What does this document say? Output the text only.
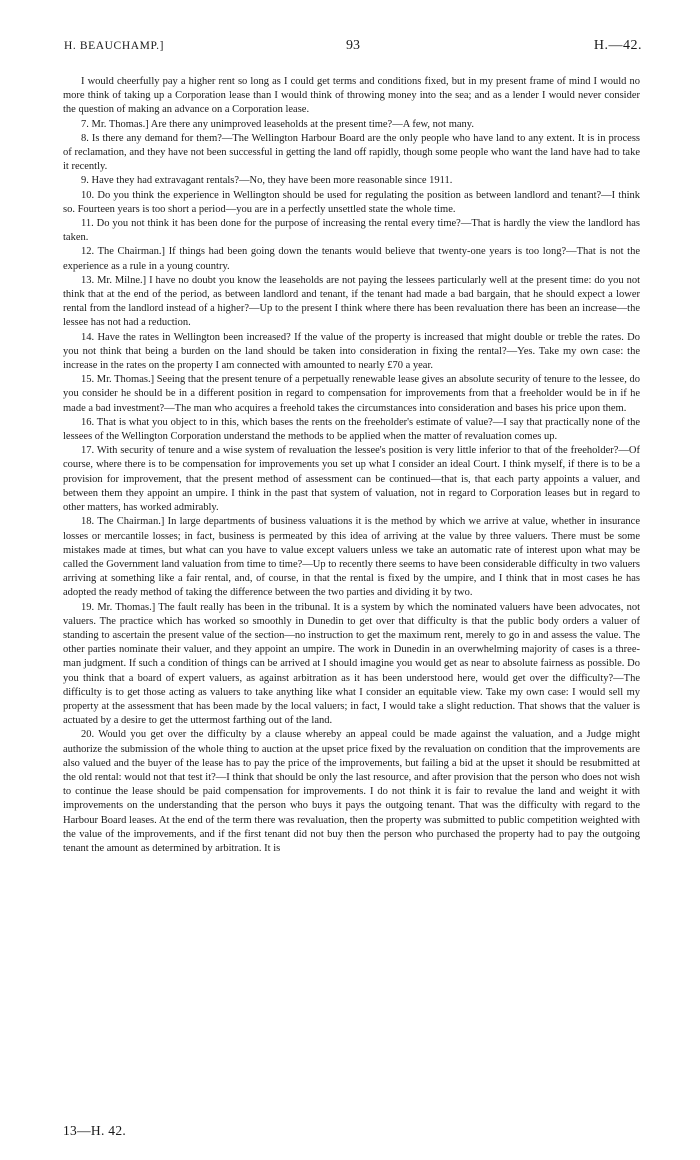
H. BEAUCHAMP.]	93	H.—42.

I would cheerfully pay a higher rent so long as I could get terms and conditions fixed, but in my present frame of mind I would no more think of taking up a Corporation lease than I would think of throwing money into the sea; and as a lender I would never consider the question of making an advance on a Corporation lease.

7. Mr. Thomas.] Are there any unimproved leaseholds at the present time?—A few, not many.

8. Is there any demand for them?—The Wellington Harbour Board are the only people who have land to any extent. It is in process of reclamation, and they have not been successful in getting the land off rapidly, though some people who want the land have had to take it recently.

9. Have they had extravagant rentals?—No, they have been more reasonable since 1911.

10. Do you think the experience in Wellington should be used for regulating the position as between landlord and tenant?—I think so. Fourteen years is too short a period—you are in a perfectly unsettled state the whole time.

11. Do you not think it has been done for the purpose of increasing the rental every time?—That is hardly the view the landlord has taken.

12. The Chairman.] If things had been going down the tenants would believe that twenty-one years is too long?—That is not the experience as a rule in a young country.

13. Mr. Milne.] I have no doubt you know the leaseholds are not paying the lessees particularly well at the present time: do you not think that at the end of the period, as between landlord and tenant, if the tenant had made a bad bargain, that he should expect a lower rental from the landlord instead of a higher?—Up to the present I think where there has been revaluation there has been an increase—the lessee has not had a reduction.

14. Have the rates in Wellington been increased? If the value of the property is increased that might double or treble the rates. Do you not think that being a burden on the land should be taken into consideration in fixing the rental?—Yes. Take my own case: the increase in the rates on the property I am connected with amounted to nearly £70 a year.

15. Mr. Thomas.] Seeing that the present tenure of a perpetually renewable lease gives an absolute security of tenure to the lessee, do you consider he should be in a different position in regard to compensation for improvements from that a freeholder would be in if he made a bad investment?—The man who acquires a freehold takes the circumstances into consideration and bases his price upon them.

16. That is what you object to in this, which bases the rents on the freeholder's estimate of value?—I say that practically none of the lessees of the Wellington Corporation understand the methods to be applied when the matter of revaluation comes up.

17. With security of tenure and a wise system of revaluation the lessee's position is very little inferior to that of the freeholder?—Of course, where there is to be compensation for improvements you set up what I consider an ideal Court. I think myself, if there is to be a provision for improvement, that the present method of assessment can be continued—that is, that each party appoints a valuer, and between them they appoint an umpire. I think in the past that system of valuation, not in regard to Corporation leases but in regard to other matters, has worked admirably.

18. The Chairman.] In large departments of business valuations it is the method by which we arrive at value, whether in insurance losses or mercantile losses; in fact, business is permeated by this idea of arriving at the value by three valuers. There must be some mistakes made at times, but what can you have to value except valuers unless we take an automatic rate of interest upon what may be called the Government land valuation from time to time?—Up to recently there seems to have been considerable difficulty in two valuers arriving at something like a fair rental, and, of course, in that the rental is fixed by the umpire, and I think that in most cases he has adopted the ready method of taking the difference between the two parties and dividing it by two.

19. Mr. Thomas.] The fault really has been in the tribunal. It is a system by which the nominated valuers have been advocates, not valuers. The practice which has worked so smoothly in Dunedin to get over that difficulty is that the public body orders a valuer of standing to ascertain the present value of the section—no instruction to get the maximum rent, merely to go in and assess the value. The other parties nominate their valuer, and they appoint an umpire. The work in Dunedin in an overwhelming majority of cases is a three-man judgment. If such a condition of things can be arrived at I should imagine you would get as near to absolute fairness as possible. Do you think that a board of expert valuers, as against arbitration as it has been understood here, would get over the difficulty?—The difficulty is to get those acting as valuers to take anything like what I consider an equitable view. Take my own case: I would sell my property at the assessment that has been made by the local valuers; in fact, I would take a slight reduction. That shows that the valuer is actuated by a desire to get the uttermost farthing out of the land.

20. Would you get over the difficulty by a clause whereby an appeal could be made against the valuation, and a Judge might authorize the submission of the whole thing to auction at the upset price fixed by the revaluation on condition that the improvements are also valued and the buyer of the lease has to pay the price of the improvements, but failing a bid at the upset it should be resubmitted at the old rental: would not that test it?—I think that should be only the last resource, and after provision that the person who does not wish to continue the lease should be paid compensation for improvements. I do not think it is fair to revalue the land and weight it with improvements on the understanding that the person who buys it pays the outgoing tenant. That was the difficulty with regard to the Harbour Board leases. At the end of the term there was revaluation, then the property was submitted to public competition weighted with the value of the improvements, and if the first tenant did not buy then the person who purchased the property had to pay the outgoing tenant the amount as determined by arbitration. It is

13—H. 42.
